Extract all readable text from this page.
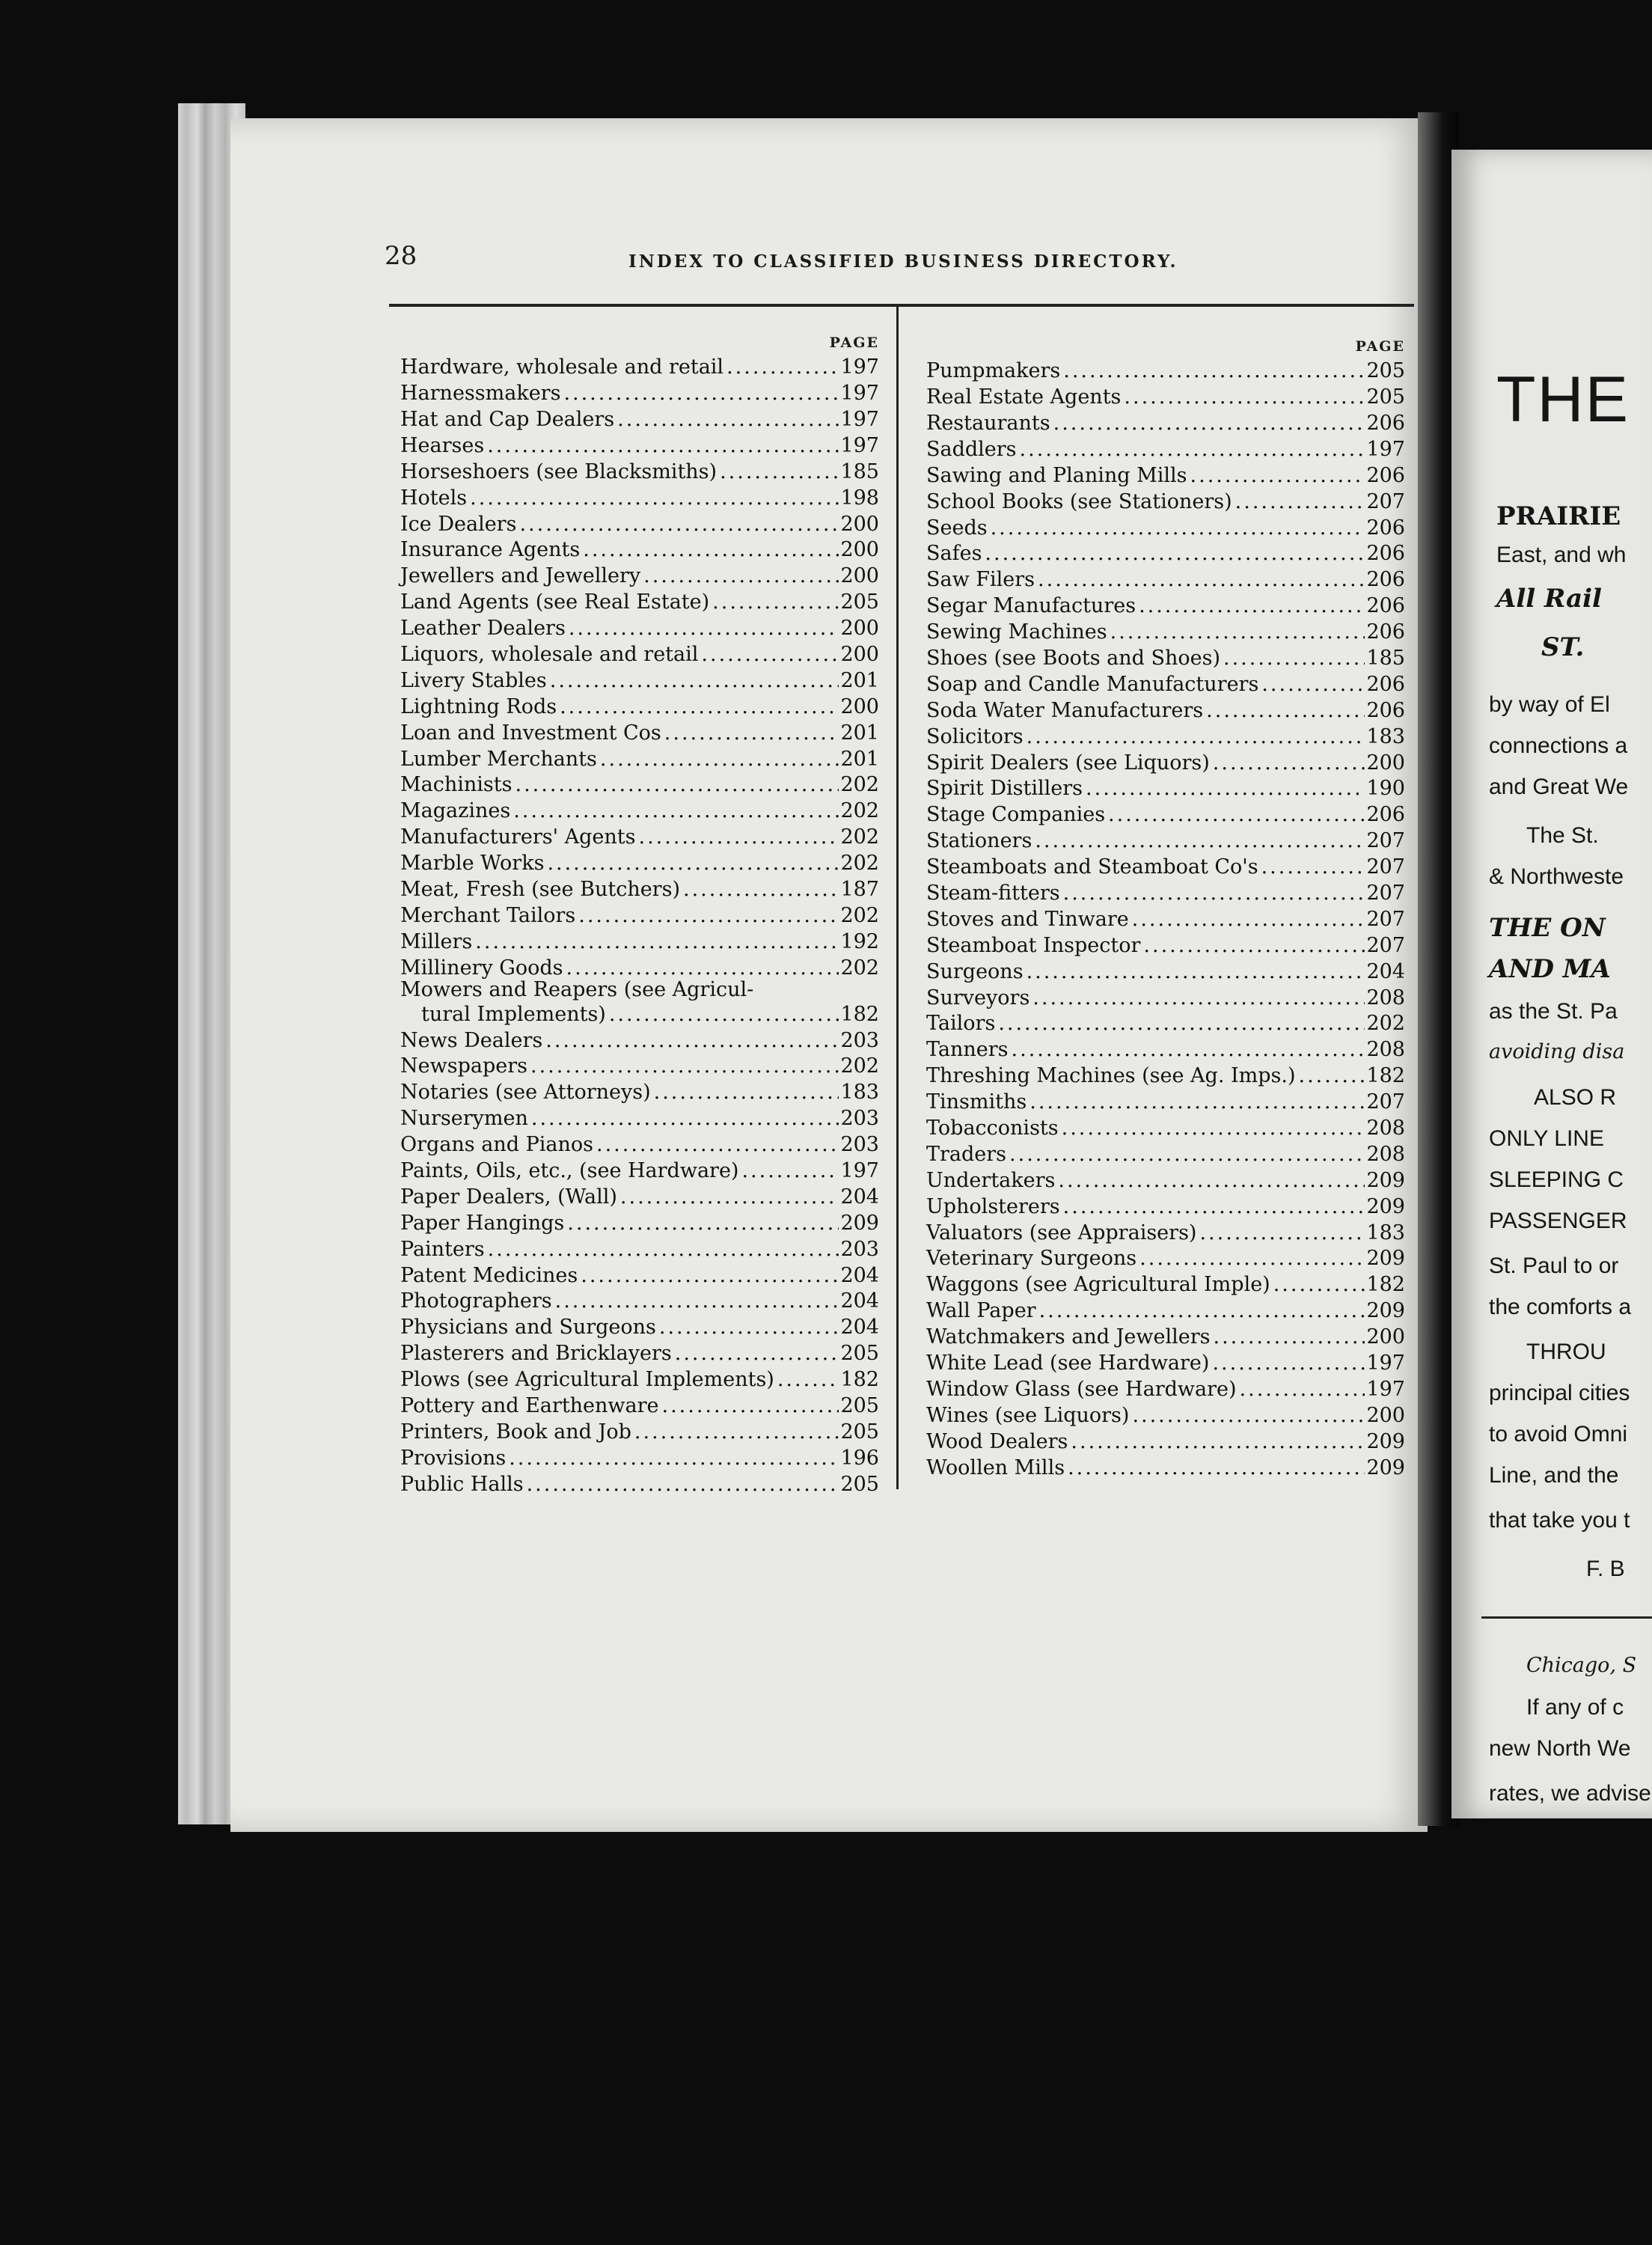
28	INDEX TO CLASSIFIED BUSINESS DIRECTORY.
PAGE
Hardware, wholesale and retail .....	197
Harnessmakers .....	197
Hat and Cap Dealers .....	197
Hearses .....	197
Horseshoers (see Blacksmiths) .....	185
Hotels .....	198
Ice Dealers .....	200
Insurance Agents .....	200
Jewellers and Jewellery .....	200
Land Agents (see Real Estate) .....	205
Leather Dealers .....	200
Liquors, wholesale and retail .....	200
Livery Stables .....	201
Lightning Rods .....	200
Loan and Investment Cos .....	201
Lumber Merchants .....	201
Machinists .....	202
Magazines .....	202
Manufacturers' Agents .....	202
Marble Works .....	202
Meat, Fresh (see Butchers) .....	187
Merchant Tailors .....	202
Millers .....	192
Millinery Goods .....	202
Mowers and Reapers (see Agricul-
tural Implements) .....	182
News Dealers .....	203
Newspapers .....	202
Notaries (see Attorneys) .....	183
Nurserymen .....	203
Organs and Pianos .....	203
Paints, Oils, etc., (see Hardware) .....	197
Paper Dealers, (Wall) .....	204
Paper Hangings .....	209
Painters .....	203
Patent Medicines .....	204
Photographers .....	204
Physicians and Surgeons .....	204
Plasterers and Bricklayers .....	205
Plows (see Agricultural Implements) .....	182
Pottery and Earthenware .....	205
Printers, Book and Job .....	205
Provisions .....	196
Public Halls .....	205
PAGE
Pumpmakers .....	205
Real Estate Agents .....	205
Restaurants .....	206
Saddlers .....	197
Sawing and Planing Mills .....	206
School Books (see Stationers) .....	207
Seeds .....	206
Safes .....	206
Saw Filers .....	206
Segar Manufactures .....	206
Sewing Machines .....	206
Shoes (see Boots and Shoes) .....	185
Soap and Candle Manufacturers .....	206
Soda Water Manufacturers .....	206
Solicitors .....	183
Spirit Dealers (see Liquors) .....	200
Spirit Distillers .....	190
Stage Companies .....	206
Stationers .....	207
Steamboats and Steamboat Co's .....	207
Steam-fitters .....	207
Stoves and Tinware .....	207
Steamboat Inspector .....	207
Surgeons .....	204
Surveyors .....	208
Tailors .....	202
Tanners .....	208
Threshing Machines (see Ag. Imps.) .....	182
Tinsmiths .....	207
Tobacconists .....	208
Traders .....	208
Undertakers .....	209
Upholsterers .....	209
Valuators (see Appraisers) .....	183
Veterinary Surgeons .....	209
Waggons (see Agricultural Imple) .....	182
Wall Paper .....	209
Watchmakers and Jewellers .....	200
White Lead (see Hardware) .....	197
Window Glass (see Hardware) .....	197
Wines (see Liquors) .....	200
Wood Dealers .....	209
Woollen Mills .....	209
THE
PRAIRIE
East, and wh
All Rail
ST.
by way of El
connections a
and Great We
The St.
& Northweste
THE ON
AND MA
as the St. Pa
avoiding disa
ALSO R
ONLY LINE
SLEEPING C
PASSENGER
St. Paul to or
the comforts a
THROU
principal cities
to avoid Omni
Line, and the
that take you t
F. B
Chicago, S
If any of c
new North We
rates, we advise
